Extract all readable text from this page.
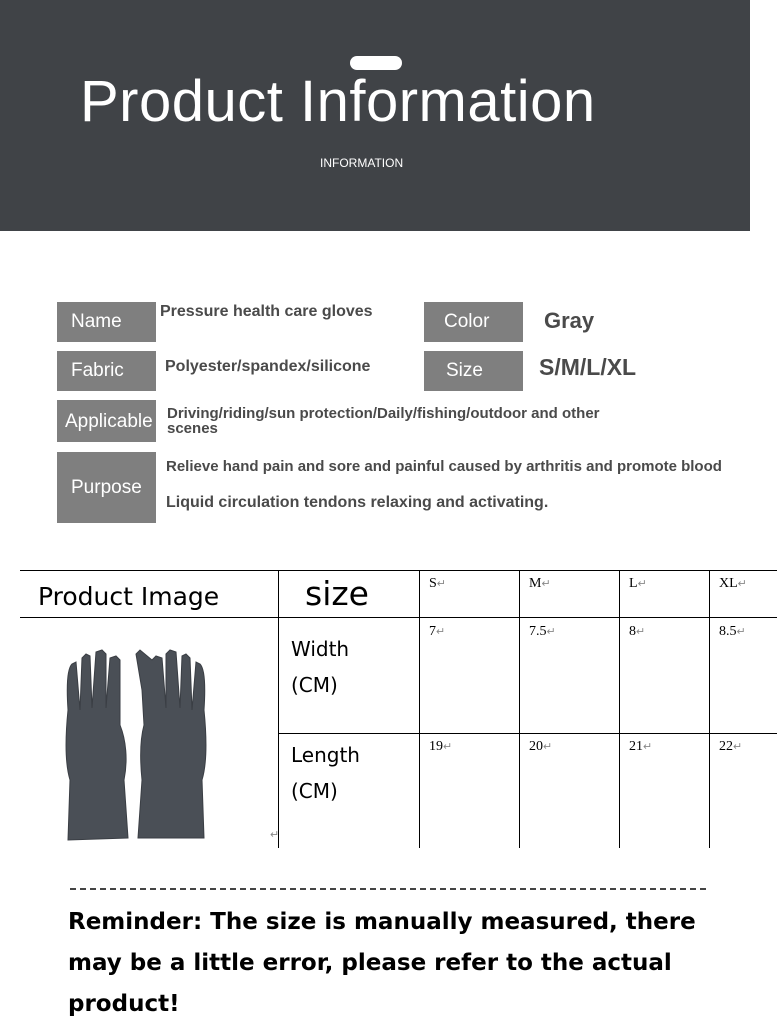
Product Information
INFORMATION
Name	Pressure health care gloves	Color	Gray
Fabric	Polyester/spandex/silicone	Size	S/M/L/XL
Applicable Driving/riding/sun protection/Daily/fishing/outdoor and other scenes
Purpose
Relieve hand pain and sore and painful caused by arthritis and promote blood
Liquid circulation tendons relaxing and activating.
Product Image	size	S↵	M↵	L↵	XL↵
Width
(CM)
7↵	7.5↵	8↵	8.5↵
Length
(CM)
19↵	20↵	21↵	22↵
↵
Reminder: The size is manually measured, there may be a little error, please refer to the actual product!
